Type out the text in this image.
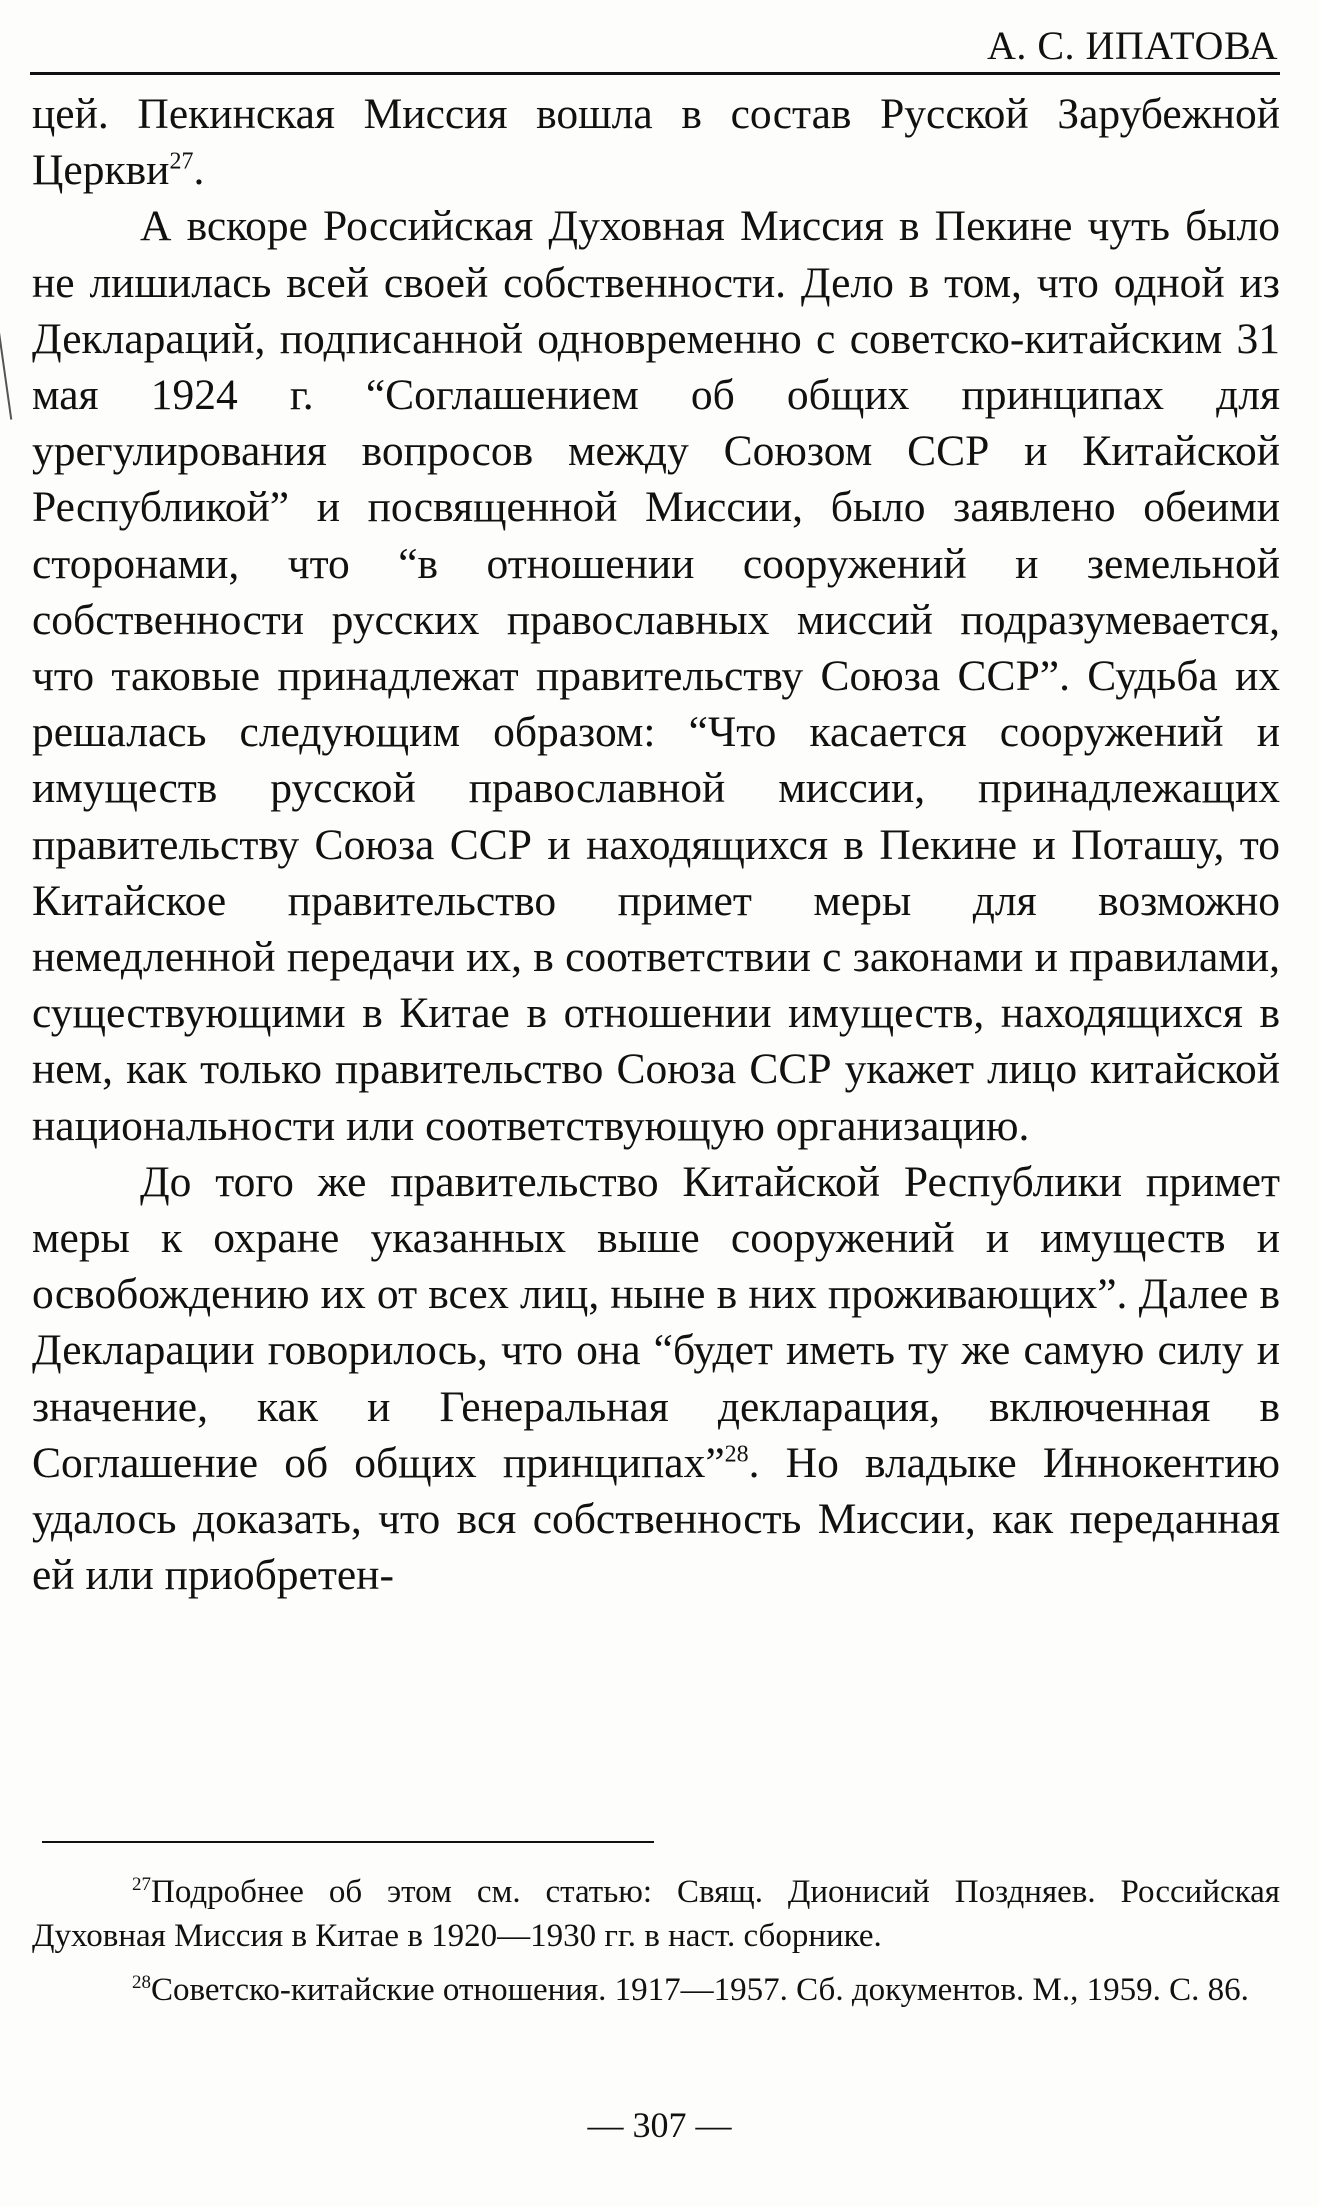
А. С. ИПАТОВА

цей. Пекинская Миссия вошла в состав Русской Зарубежной Церкви$^{27}$.

А вскоре Российская Духовная Миссия в Пекине чуть было не лишилась всей своей собственности. Дело в том, что одной из Деклараций, подписанной одновременно с советско-китайским 31 мая 1924 г. “Соглашением об общих принципах для урегулирования вопросов между Союзом ССР и Китайской Республикой” и посвященной Миссии, было заявлено обеими сторонами, что “в отношении сооружений и земельной собственности русских православных миссий подразумевается, что таковые принадлежат правительству Союза ССР”. Судьба их решалась следующим образом: “Что касается сооружений и имуществ русской православной миссии, принадлежащих правительству Союза ССР и находящихся в Пекине и Поташу, то Китайское правительство примет меры для возможно немедленной передачи их, в соответствии с законами и правилами, существующими в Китае в отношении имуществ, находящихся в нем, как только правительство Союза ССР укажет лицо китайской национальности или соответствующую организацию.

До того же правительство Китайской Республики примет меры к охране указанных выше сооружений и имуществ и освобождению их от всех лиц, ныне в них проживающих”. Далее в Декларации говорилось, что она “будет иметь ту же самую силу и значение, как и Генеральная декларация, включенная в Соглашение об общих принципах”$^{28}$. Но владыке Иннокентию удалось доказать, что вся собственность Миссии, как переданная ей или приобретен-

$^{27}$Подробнее об этом см. статью: Свящ. Дионисий Поздняев. Российская Духовная Миссия в Китае в 1920—1930 гг. в наст. сборнике.

$^{28}$Советско-китайские отношения. 1917—1957. Сб. документов. М., 1959. С. 86.

— 307 —
